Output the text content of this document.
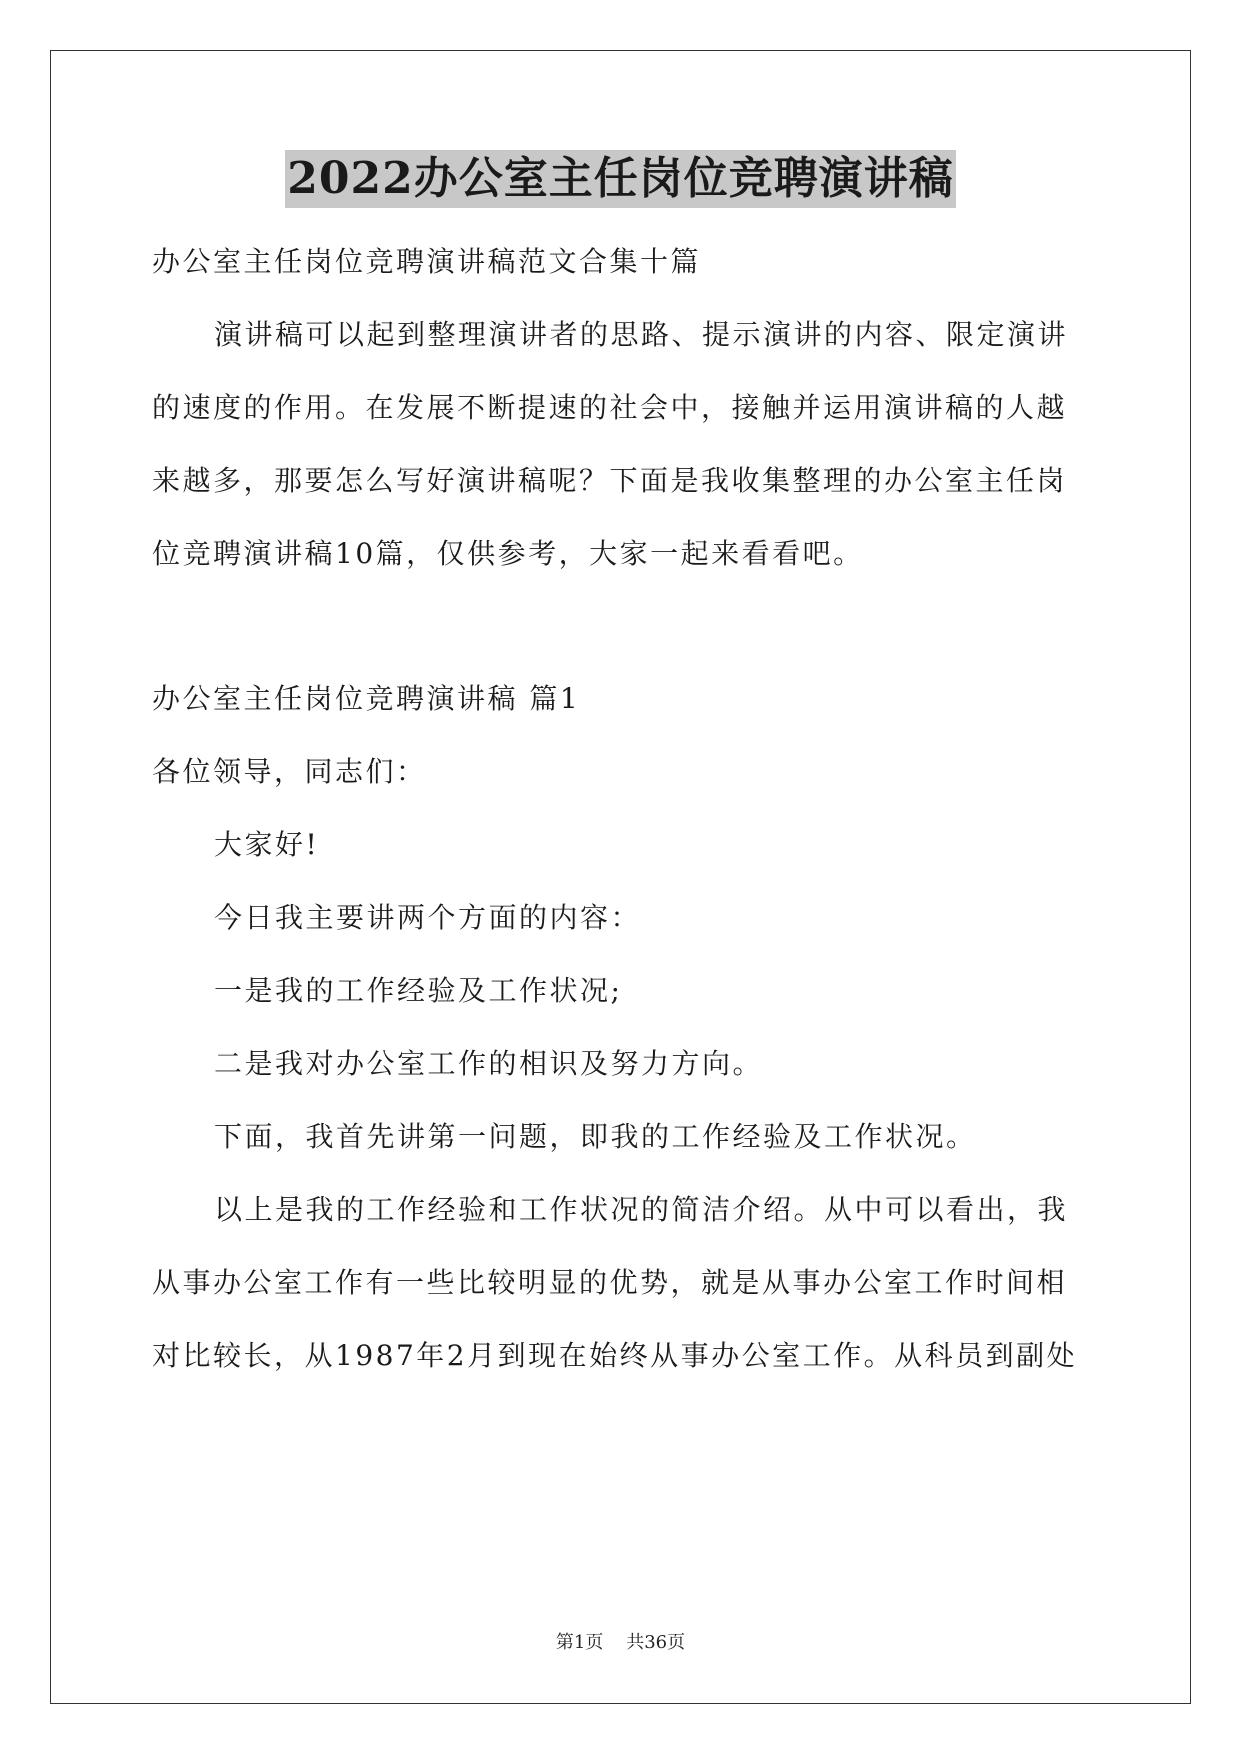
2022办公室主任岗位竞聘演讲稿
办公室主任岗位竞聘演讲稿范文合集十篇
演讲稿可以起到整理演讲者的思路、提示演讲的内容、限定演讲
的速度的作用。在发展不断提速的社会中，接触并运用演讲稿的人越
来越多，那要怎么写好演讲稿呢？下面是我收集整理的办公室主任岗
位竞聘演讲稿10篇，仅供参考，大家一起来看看吧。
办公室主任岗位竞聘演讲稿 篇1
各位领导，同志们：
大家好!
今日我主要讲两个方面的内容：
一是我的工作经验及工作状况;
二是我对办公室工作的相识及努力方向。
下面，我首先讲第一问题，即我的工作经验及工作状况。
以上是我的工作经验和工作状况的简洁介绍。从中可以看出，我
从事办公室工作有一些比较明显的优势，就是从事办公室工作时间相
对比较长，从1987年2月到现在始终从事办公室工作。从科员到副处
第1页 共36页
